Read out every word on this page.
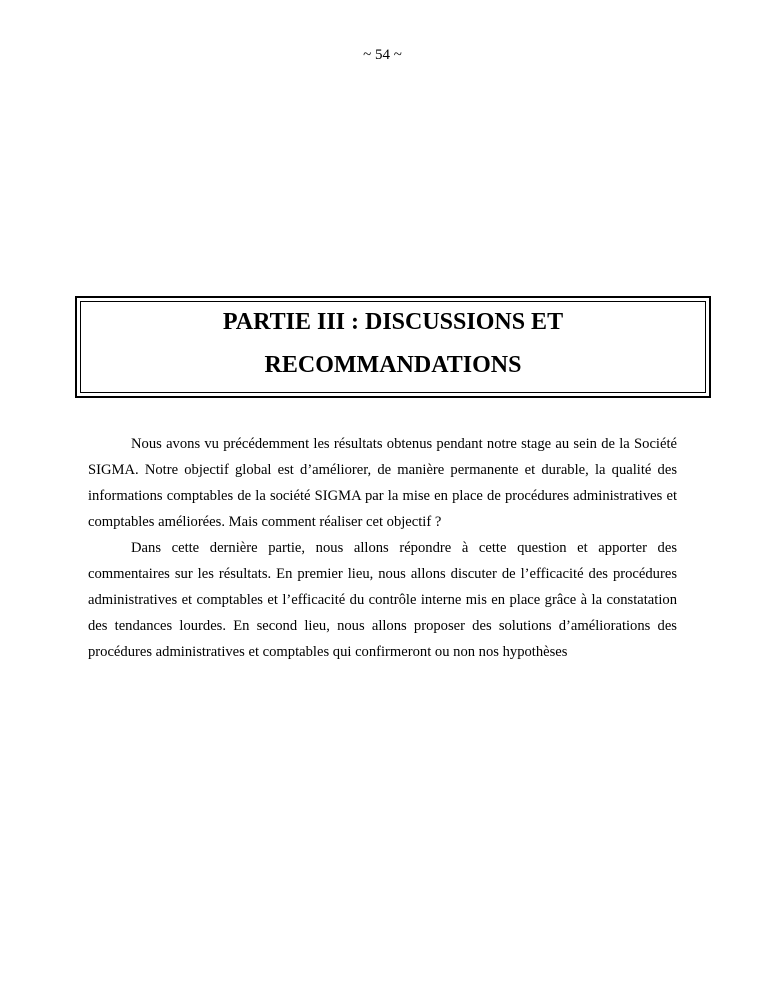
~ 54 ~
PARTIE III : DISCUSSIONS ET
RECOMMANDATIONS

Nous avons vu précédemment les résultats obtenus pendant notre stage au sein de la Société SIGMA. Notre objectif global est d’améliorer, de manière permanente et durable, la qualité des informations comptables de la société SIGMA par la mise en place de procédures administratives et comptables améliorées. Mais comment réaliser cet objectif ?

Dans cette dernière partie, nous allons répondre à cette question et apporter des commentaires sur les résultats. En premier lieu, nous allons discuter de l’efficacité des procédures administratives et comptables et l’efficacité du contrôle interne mis en place grâce à la constatation des tendances lourdes. En second lieu, nous allons proposer des solutions d’améliorations des procédures administratives et comptables qui confirmeront ou non nos hypothèses
